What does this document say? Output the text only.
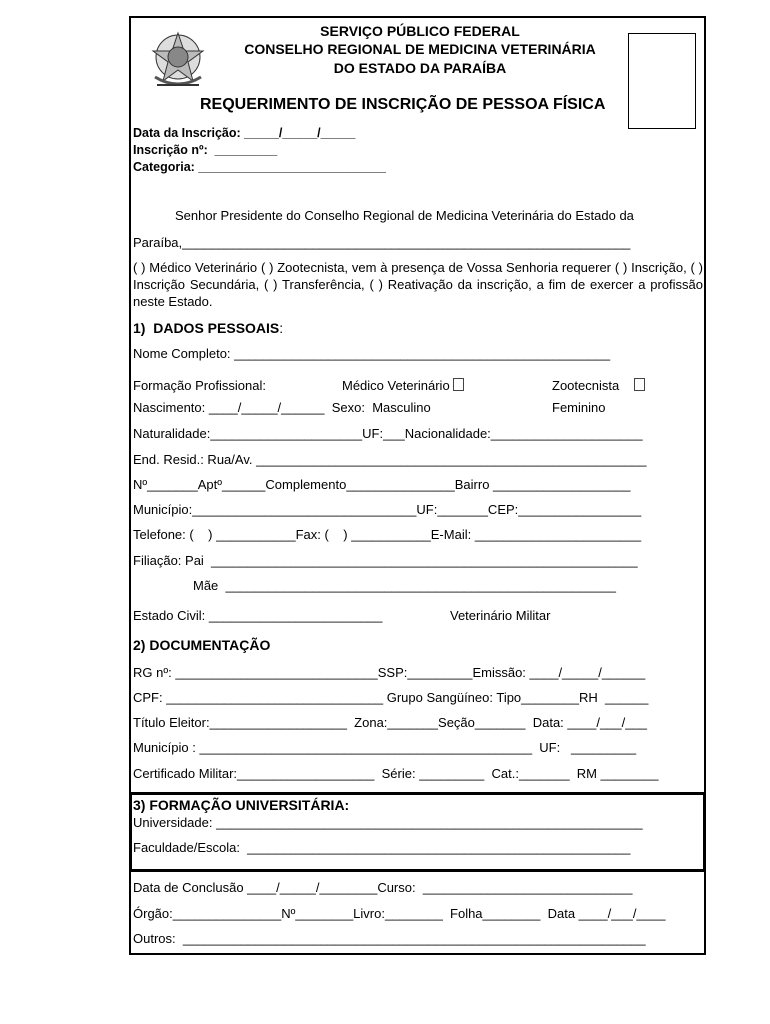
SERVIÇO PÚBLICO FEDERAL
CONSELHO REGIONAL DE MEDICINA VETERINÁRIA
DO ESTADO DA PARAÍBA
REQUERIMENTO DE INSCRIÇÃO DE PESSOA FÍSICA
Data da Inscrição: _____/_____/_____
Inscrição nº:  _________
Categoria: ___________________________
Senhor Presidente do Conselho Regional de Medicina Veterinária do Estado da
Paraíba,______________________________________________________________
( ) Médico Veterinário ( ) Zootecnista, vem à presença de Vossa Senhoria requerer ( ) Inscrição, ( ) Inscrição Secundária, ( ) Transferência, ( ) Reativação da inscrição, a fim de exercer a profissão neste Estado.
1)  DADOS PESSOAIS:
Nome Completo: ____________________________________________________
Formação Profissional:	Médico Veterinário	Zootecnista
Nascimento: ____/_____/______  Sexo:  Masculino	Feminino
Naturalidade:_____________________UF:___Nacionalidade:_____________________
End. Resid.: Rua/Av. ______________________________________________________
Nº_______Aptº______Complemento_______________Bairro ___________________
Município:_______________________________UF:_______CEP:_________________
Telefone: (    ) ___________Fax: (    ) ___________E-Mail: _______________________
Filiação: Pai  ___________________________________________________________
Mãe  ______________________________________________________
Estado Civil: ________________________	Veterinário Militar
2) DOCUMENTAÇÃO
RG nº: ____________________________SSP:_________Emissão: ____/_____/______
CPF: ______________________________ Grupo Sangüíneo: Tipo________RH  ______
Título Eleitor:___________________  Zona:_______Seção_______  Data: ____/___/___
Município : ______________________________________________  UF:   _________
Certificado Militar:___________________  Série: _________  Cat.:_______  RM ________
3) FORMAÇÃO UNIVERSITÁRIA:
Universidade: ___________________________________________________________
Faculdade/Escola:  _____________________________________________________
Data de Conclusão ____/_____/________Curso:  _____________________________
Órgão:_______________Nº________Livro:________  Folha________  Data ____/___/____
Outros:  ________________________________________________________________
